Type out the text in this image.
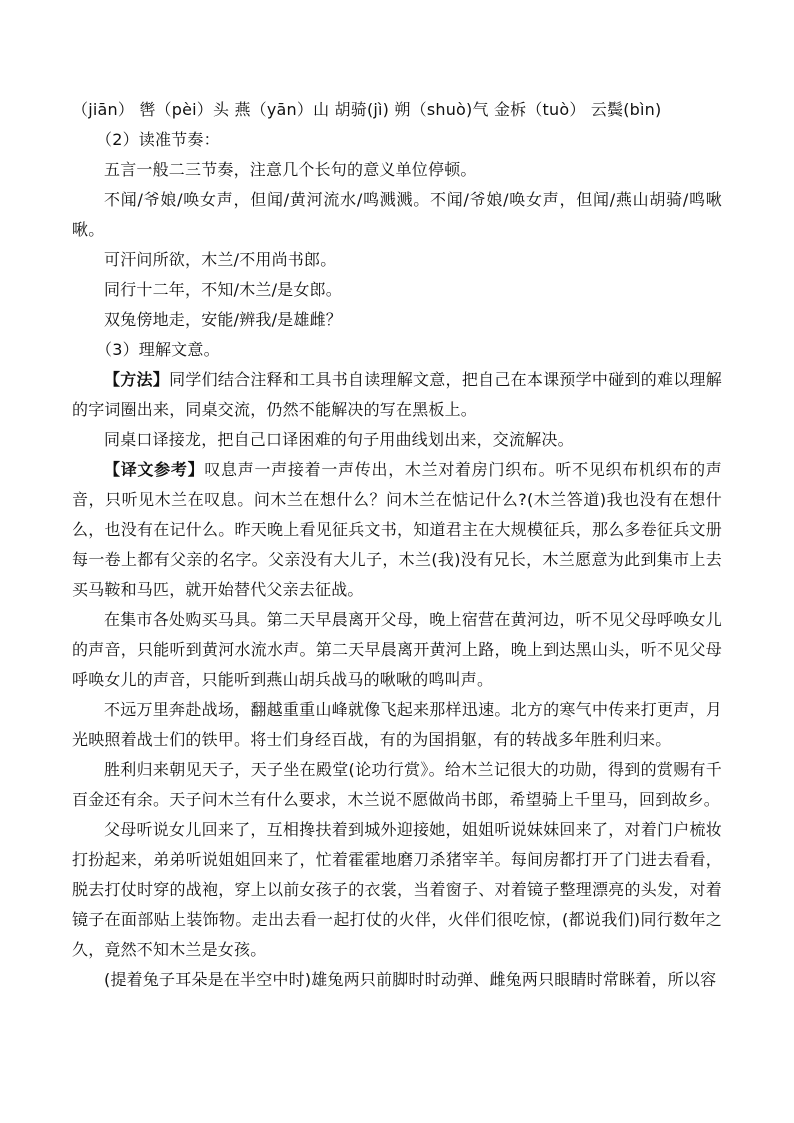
（jiān） 辔（pèi）头 燕（yān）山 胡骑(jì) 朔（shuò)气 金柝（tuò） 云鬓(bìn)

（2）读准节奏：

五言一般二三节奏，注意几个长句的意义单位停顿。

不闻/爷娘/唤女声，但闻/黄河流水/鸣溅溅。不闻/爷娘/唤女声，但闻/燕山胡骑/鸣啾啾。

可汗问所欲，木兰/不用尚书郎。

同行十二年，不知/木兰/是女郎。

双兔傍地走，安能/辨我/是雄雌？

（3）理解文意。

【方法】同学们结合注释和工具书自读理解文意，把自己在本课预学中碰到的难以理解的字词圈出来，同桌交流，仍然不能解决的写在黑板上。

同桌口译接龙，把自己口译困难的句子用曲线划出来，交流解决。

【译文参考】叹息声一声接着一声传出，木兰对着房门织布。听不见织布机织布的声音，只听见木兰在叹息。问木兰在想什么？问木兰在惦记什么?(木兰答道)我也没有在想什么，也没有在记什么。昨天晚上看见征兵文书，知道君主在大规模征兵，那么多卷征兵文册每一卷上都有父亲的名字。父亲没有大儿子，木兰(我)没有兄长，木兰愿意为此到集市上去买马鞍和马匹，就开始替代父亲去征战。

在集市各处购买马具。第二天早晨离开父母，晚上宿营在黄河边，听不见父母呼唤女儿的声音，只能听到黄河水流水声。第二天早晨离开黄河上路，晚上到达黑山头，听不见父母呼唤女儿的声音，只能听到燕山胡兵战马的啾啾的鸣叫声。

不远万里奔赴战场，翻越重重山峰就像飞起来那样迅速。北方的寒气中传来打更声，月光映照着战士们的铁甲。将士们身经百战，有的为国捐躯，有的转战多年胜利归来。

胜利归来朝见天子，天子坐在殿堂(论功行赏》。给木兰记很大的功勋，得到的赏赐有千百金还有余。天子问木兰有什么要求，木兰说不愿做尚书郎，希望骑上千里马，回到故乡。

父母听说女儿回来了，互相搀扶着到城外迎接她，姐姐听说妹妹回来了，对着门户梳妆打扮起来，弟弟听说姐姐回来了，忙着霍霍地磨刀杀猪宰羊。每间房都打开了门进去看看，脱去打仗时穿的战袍，穿上以前女孩子的衣裳，当着窗子、对着镜子整理漂亮的头发，对着镜子在面部贴上装饰物。走出去看一起打仗的火伴，火伴们很吃惊，(都说我们)同行数年之久，竟然不知木兰是女孩。

(提着兔子耳朵是在半空中时)雄兔两只前脚时时动弹、雌兔两只眼睛时常眯着，所以容
